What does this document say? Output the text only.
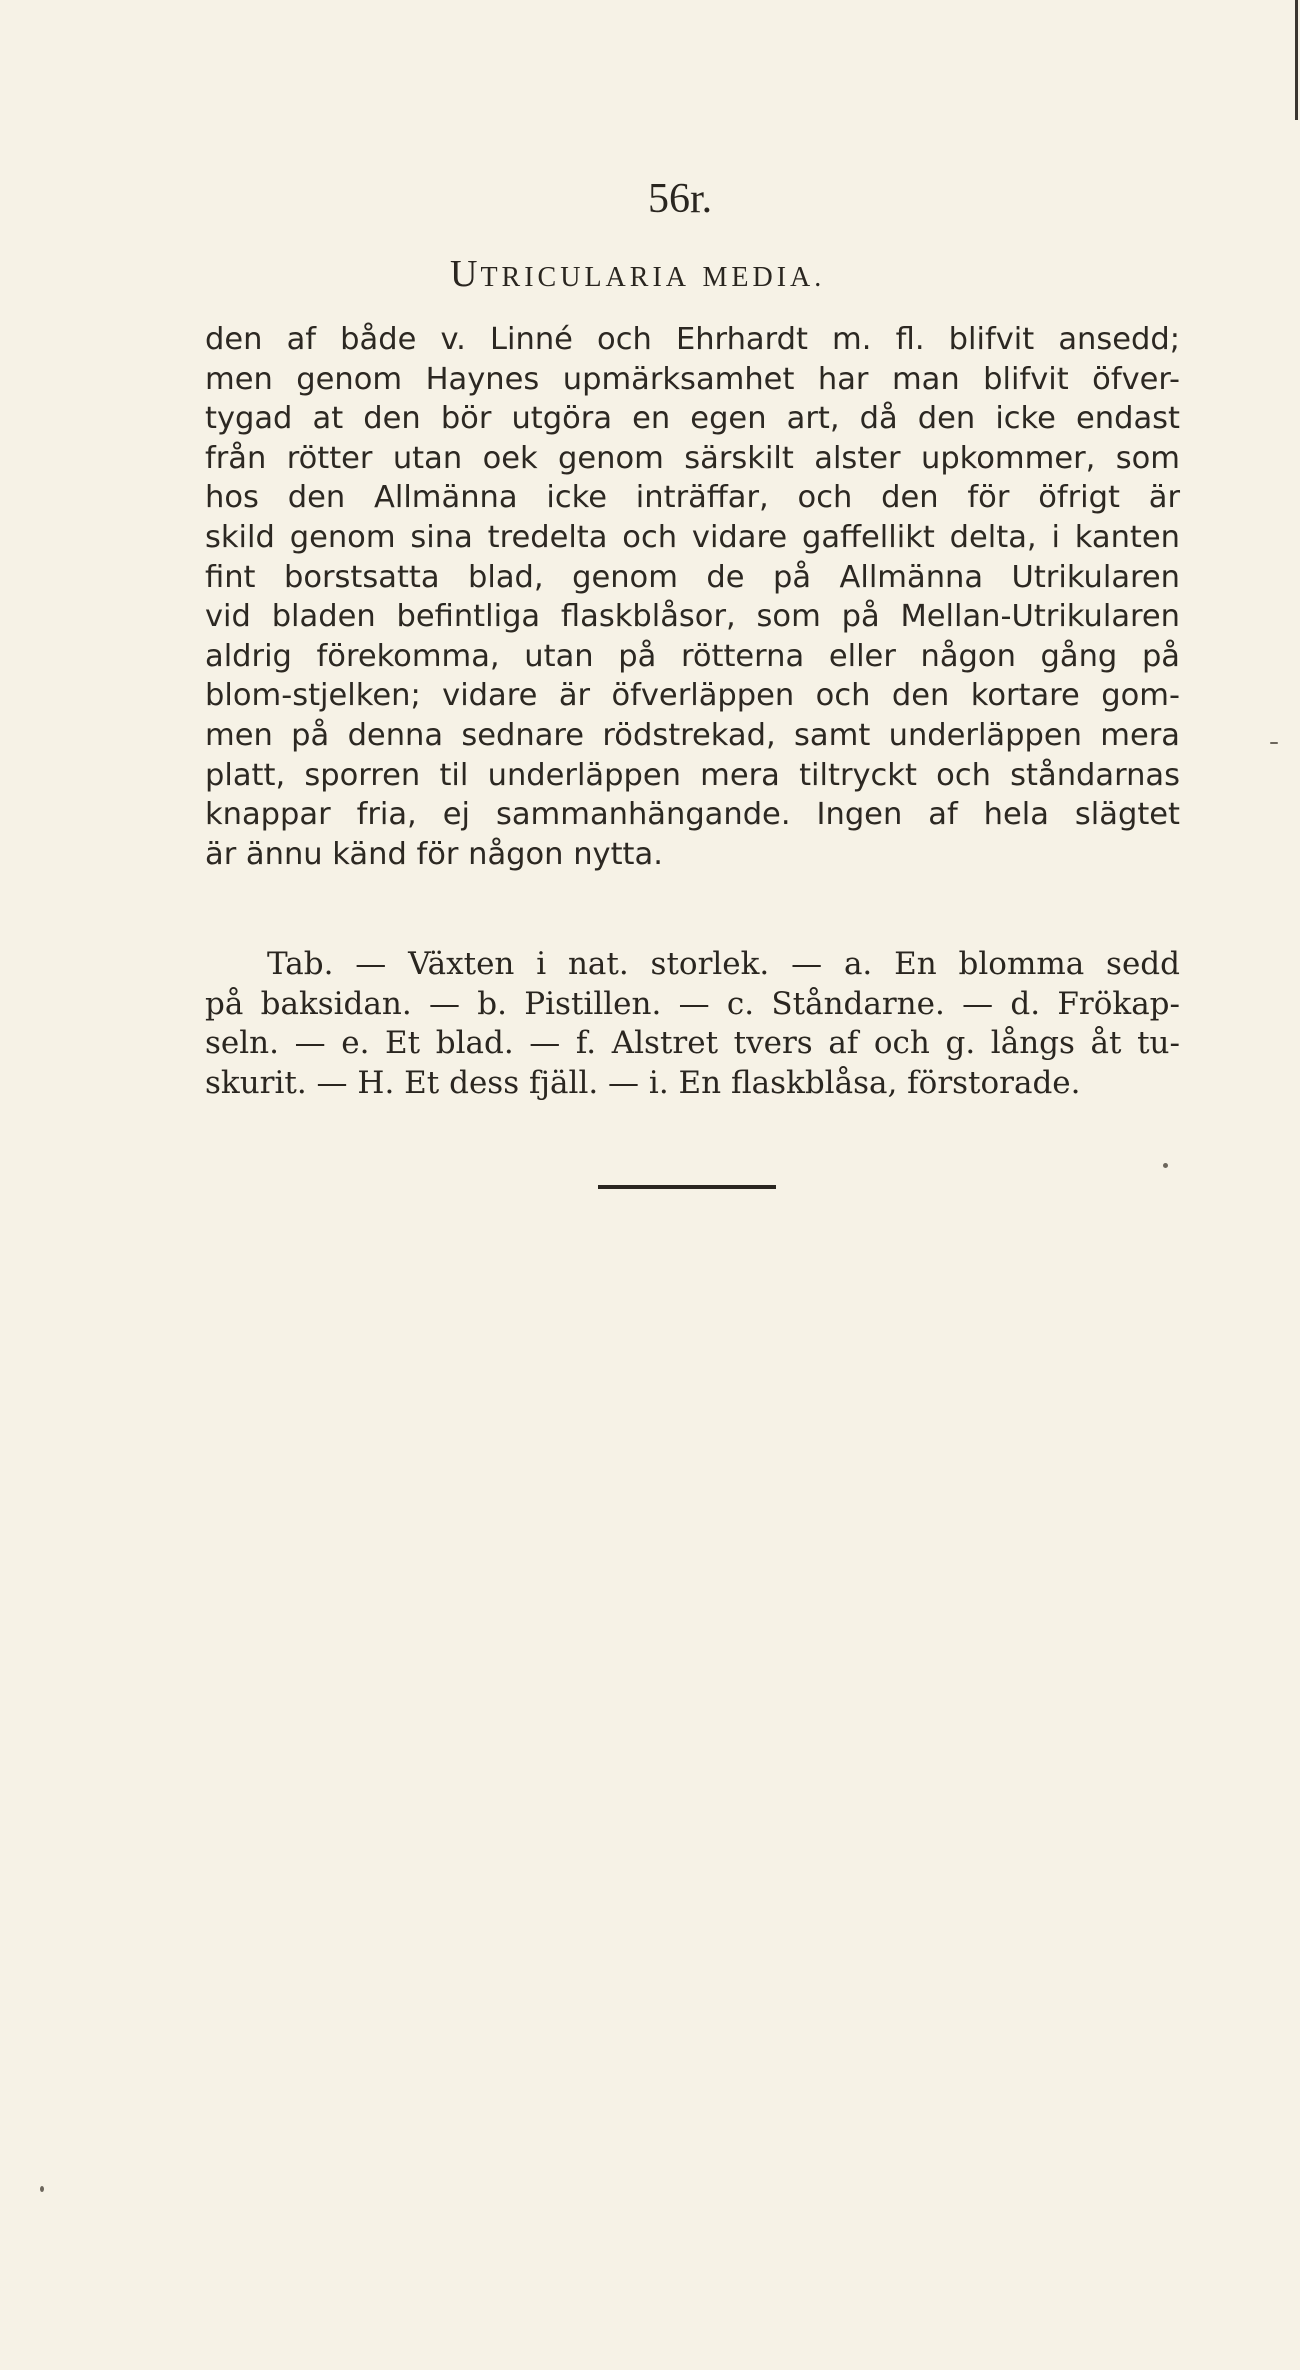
56r.
UTRICULARIA MEDIA.
den af både v. Linné och Ehrhardt m. fl. blifvit ansedd;
men genom Haynes upmärksamhet har man blifvit öfver-
tygad at den bör utgöra en egen art, då den icke endast
från rötter utan oek genom särskilt alster upkommer, som
hos den Allmänna icke inträffar, och den för öfrigt är
skild genom sina tredelta och vidare gaffellikt delta, i kanten
fint borstsatta blad, genom de på Allmänna Utrikularen
vid bladen befintliga flaskblåsor, som på Mellan-Utrikularen
aldrig förekomma, utan på rötterna eller någon gång på
blom-stjelken; vidare är öfverläppen och den kortare gom-
men på denna sednare rödstrekad, samt underläppen mera
platt, sporren til underläppen mera tiltryckt och ståndarnas
knappar fria, ej sammanhängande. Ingen af hela slägtet
är ännu känd för någon nytta.
Tab. — Växten i nat. storlek. — a. En blomma sedd
på baksidan. — b. Pistillen. — c. Ståndarne. — d. Frökap-
seln. — e. Et blad. — f. Alstret tvers af och g. långs åt tu-
skurit. — H. Et dess fjäll. — i. En flaskblåsa, förstorade.
